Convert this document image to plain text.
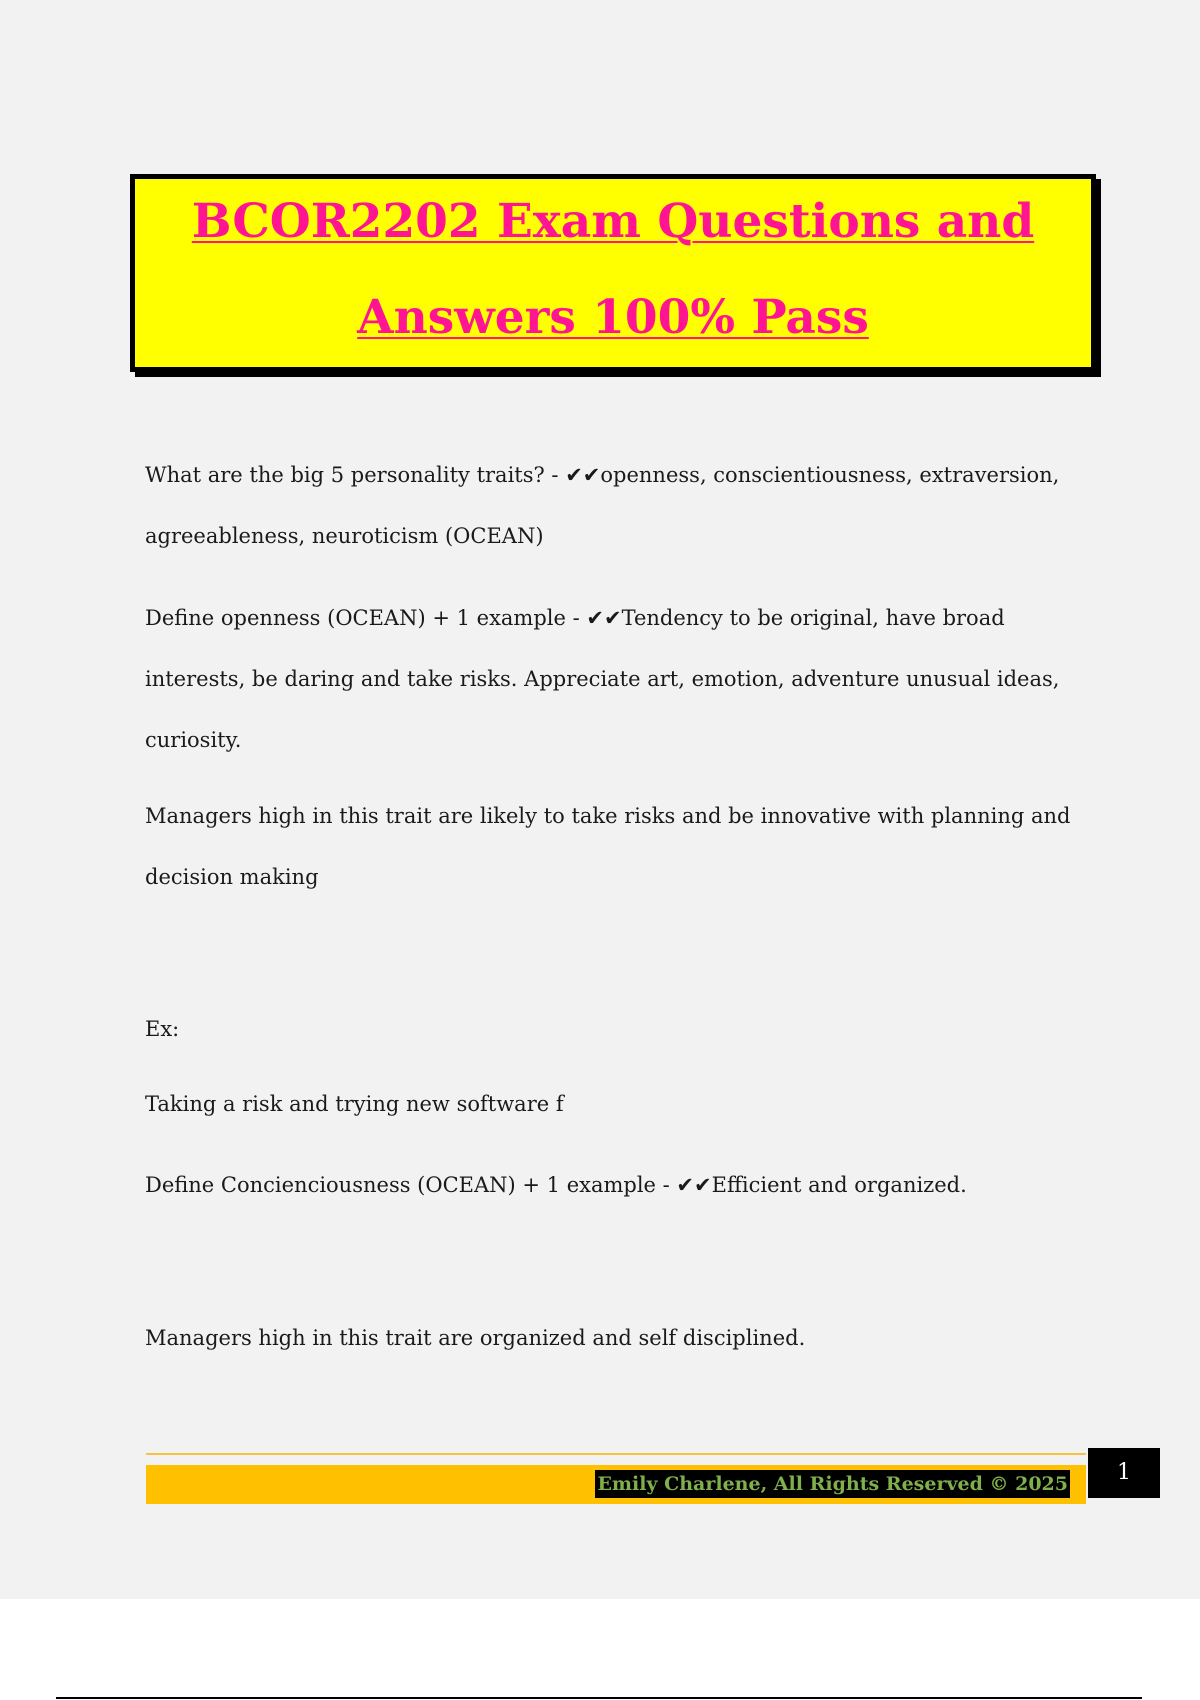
BCOR2202 Exam Questions and
Answers 100% Pass

What are the big 5 personality traits? - ✔✔openness, conscientiousness, extraversion,

agreeableness, neuroticism (OCEAN)

Define openness (OCEAN) + 1 example - ✔✔Tendency to be original, have broad

interests, be daring and take risks. Appreciate art, emotion, adventure unusual ideas,

curiosity.

Managers high in this trait are likely to take risks and be innovative with planning and

decision making

Ex:

Taking a risk and trying new software f

Define Concienciousness (OCEAN) + 1 example - ✔✔Efficient and organized.

Managers high in this trait are organized and self disciplined.

Emily Charlene, All Rights Reserved © 2025	1
